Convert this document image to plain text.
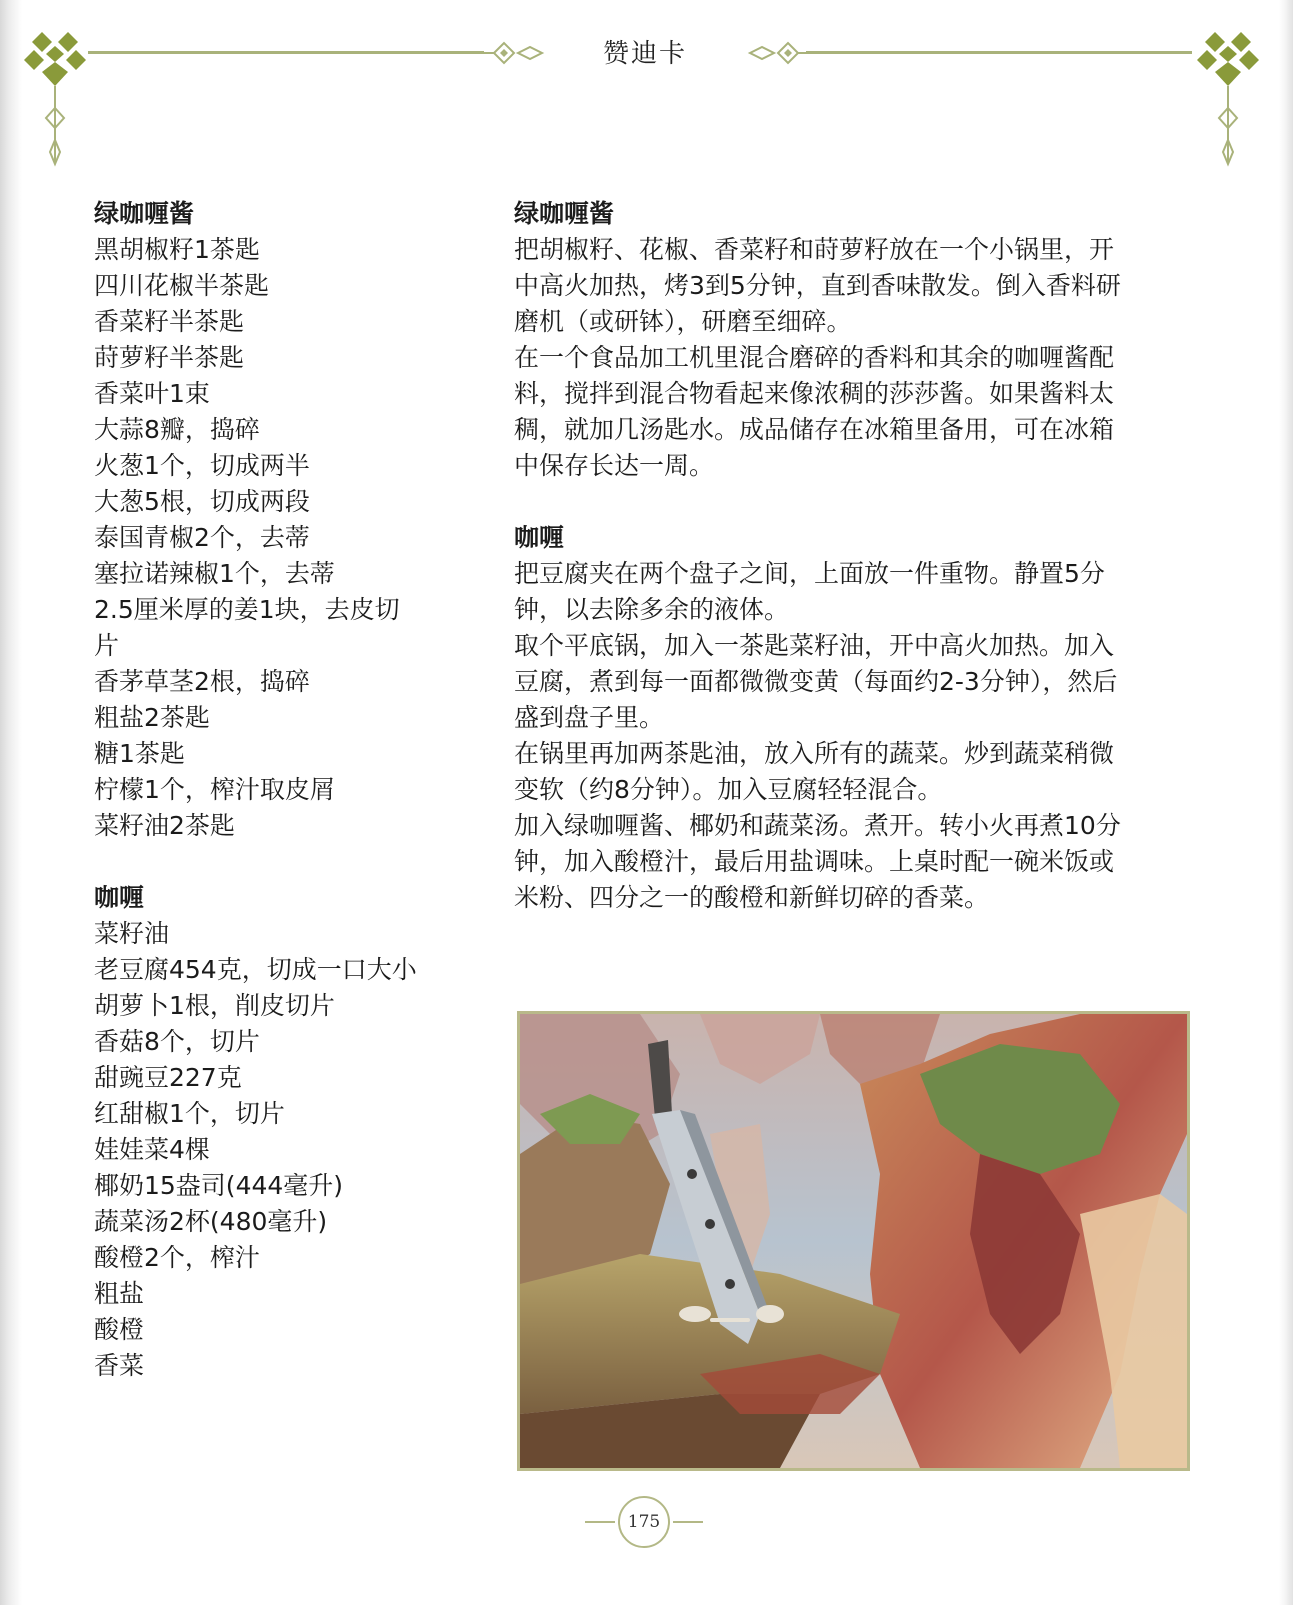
赞迪卡
绿咖喱酱
黑胡椒籽1茶匙
四川花椒半茶匙
香菜籽半茶匙
莳萝籽半茶匙
香菜叶1束
大蒜8瓣，捣碎
火葱1个，切成两半
大葱5根，切成两段
泰国青椒2个，去蒂
塞拉诺辣椒1个，去蒂
2.5厘米厚的姜1块，去皮切
片
香茅草茎2根，捣碎
粗盐2茶匙
糖1茶匙
柠檬1个，榨汁取皮屑
菜籽油2茶匙
咖喱
菜籽油
老豆腐454克，切成一口大小
胡萝卜1根，削皮切片
香菇8个，切片
甜豌豆227克
红甜椒1个，切片
娃娃菜4棵
椰奶15盎司(444毫升)
蔬菜汤2杯(480毫升)
酸橙2个，榨汁
粗盐
酸橙
香菜
绿咖喱酱
把胡椒籽、花椒、香菜籽和莳萝籽放在一个小锅里，开
中高火加热，烤3到5分钟，直到香味散发。倒入香料研
磨机（或研钵），研磨至细碎。
在一个食品加工机里混合磨碎的香料和其余的咖喱酱配
料，搅拌到混合物看起来像浓稠的莎莎酱。如果酱料太
稠，就加几汤匙水。成品储存在冰箱里备用，可在冰箱
中保存长达一周。
咖喱
把豆腐夹在两个盘子之间，上面放一件重物。静置5分
钟，以去除多余的液体。
取个平底锅，加入一茶匙菜籽油，开中高火加热。加入
豆腐，煮到每一面都微微变黄（每面约2-3分钟），然后
盛到盘子里。
在锅里再加两茶匙油，放入所有的蔬菜。炒到蔬菜稍微
变软（约8分钟）。加入豆腐轻轻混合。
加入绿咖喱酱、椰奶和蔬菜汤。煮开。转小火再煮10分
钟，加入酸橙汁，最后用盐调味。上桌时配一碗米饭或
米粉、四分之一的酸橙和新鲜切碎的香菜。
175
